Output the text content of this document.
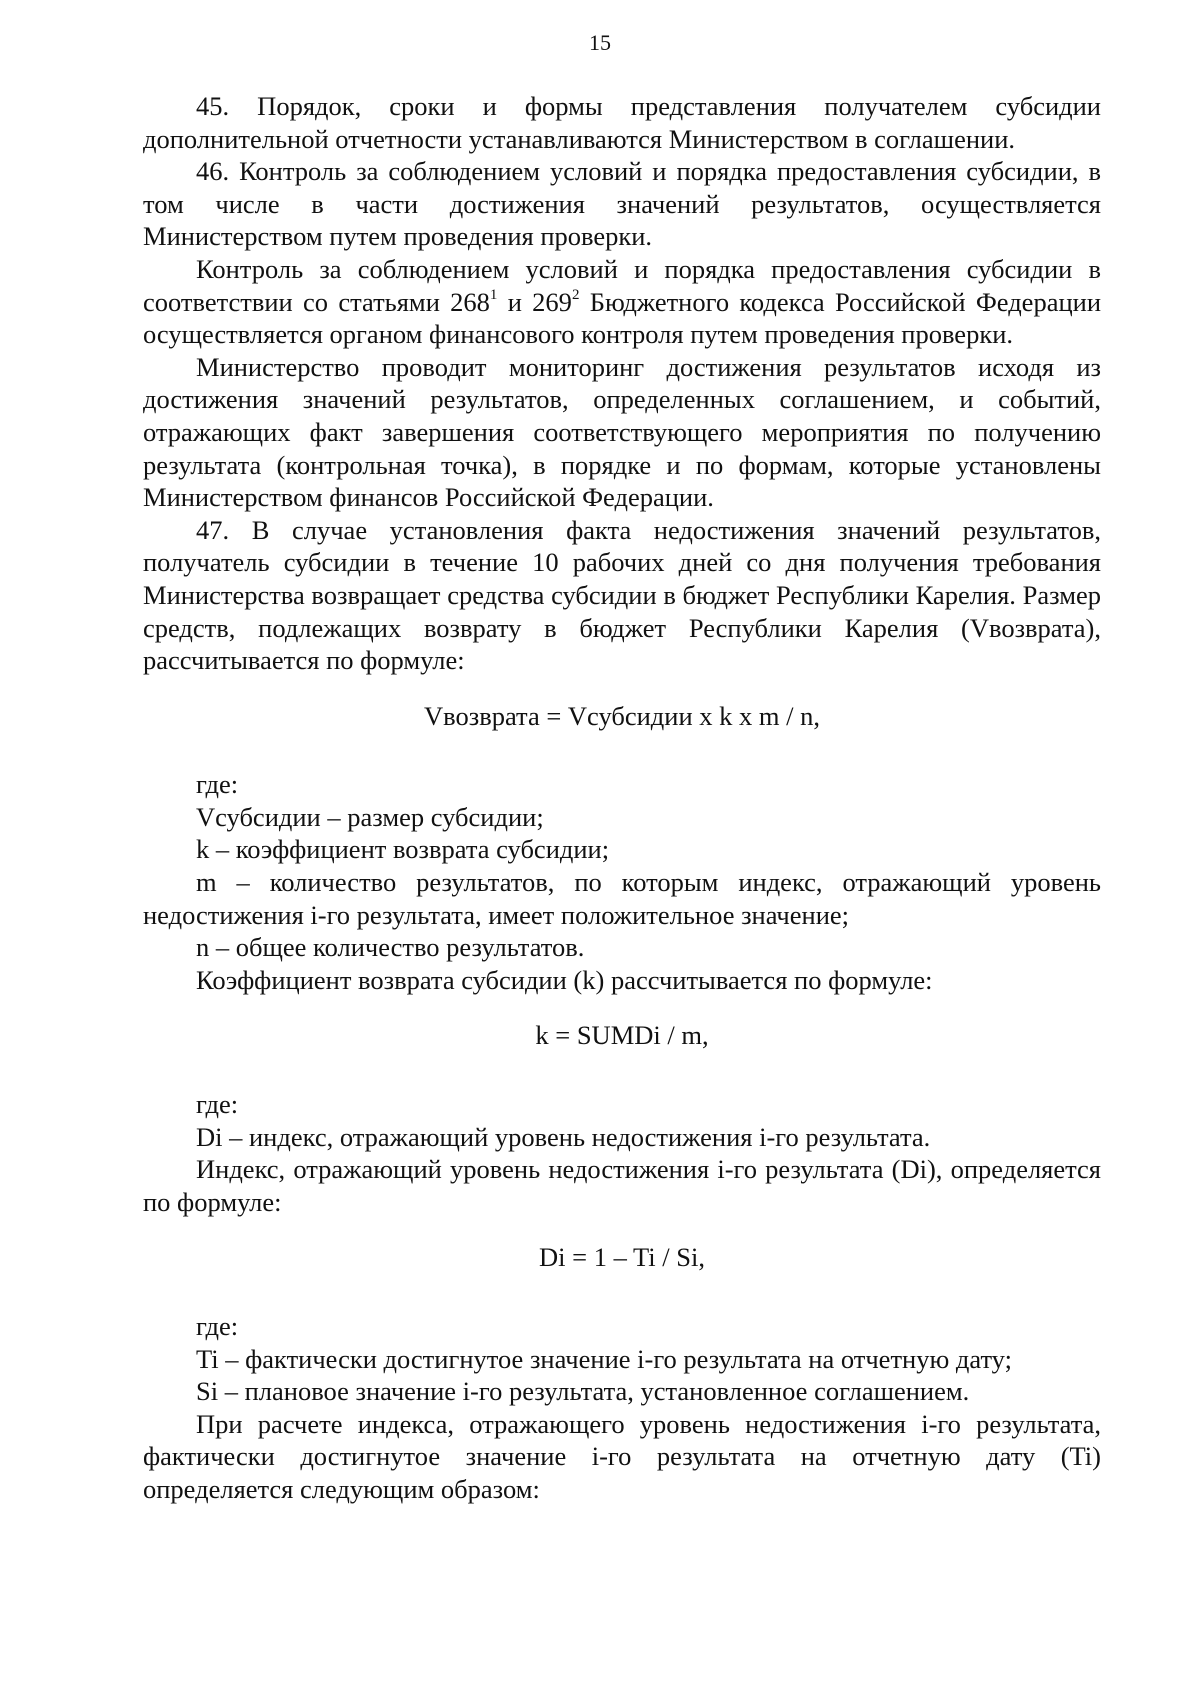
15

45. Порядок, сроки и формы представления получателем субсидии дополнительной отчетности устанавливаются Министерством в соглашении.

46. Контроль за соблюдением условий и порядка предоставления субсидии, в том числе в части достижения значений результатов, осуществляется Министерством путем проведения проверки.

Контроль за соблюдением условий и порядка предоставления субсидии в соответствии со статьями $268^1$ и $269^2$ Бюджетного кодекса Российской Федерации осуществляется органом финансового контроля путем проведения проверки.

Министерство проводит мониторинг достижения результатов исходя из достижения значений результатов, определенных соглашением, и событий, отражающих факт завершения соответствующего мероприятия по получению результата (контрольная точка), в порядке и по формам, которые установлены Министерством финансов Российской Федерации.

47. В случае установления факта недостижения значений результатов, получатель субсидии в течение 10 рабочих дней со дня получения требования Министерства возвращает средства субсидии в бюджет Республики Карелия. Размер средств, подлежащих возврату в бюджет Республики Карелия (Vвозврата), рассчитывается по формуле:

Vвозврата = Vсубсидии x k x m / n,

где:

Vсубсидии – размер субсидии;

k – коэффициент возврата субсидии;

m – количество результатов, по которым индекс, отражающий уровень недостижения i-го результата, имеет положительное значение;

n – общее количество результатов.

Коэффициент возврата субсидии (k) рассчитывается по формуле:

k = SUMDi / m,

где:

Di – индекс, отражающий уровень недостижения i-го результата.

Индекс, отражающий уровень недостижения i-го результата (Di), определяется по формуле:

Di = 1 – Ti / Si,

где:

Ti – фактически достигнутое значение i-го результата на отчетную дату;

Si – плановое значение i-го результата, установленное соглашением.

При расчете индекса, отражающего уровень недостижения i-го результата, фактически достигнутое значение i-го результата на отчетную дату (Ti) определяется следующим образом:
